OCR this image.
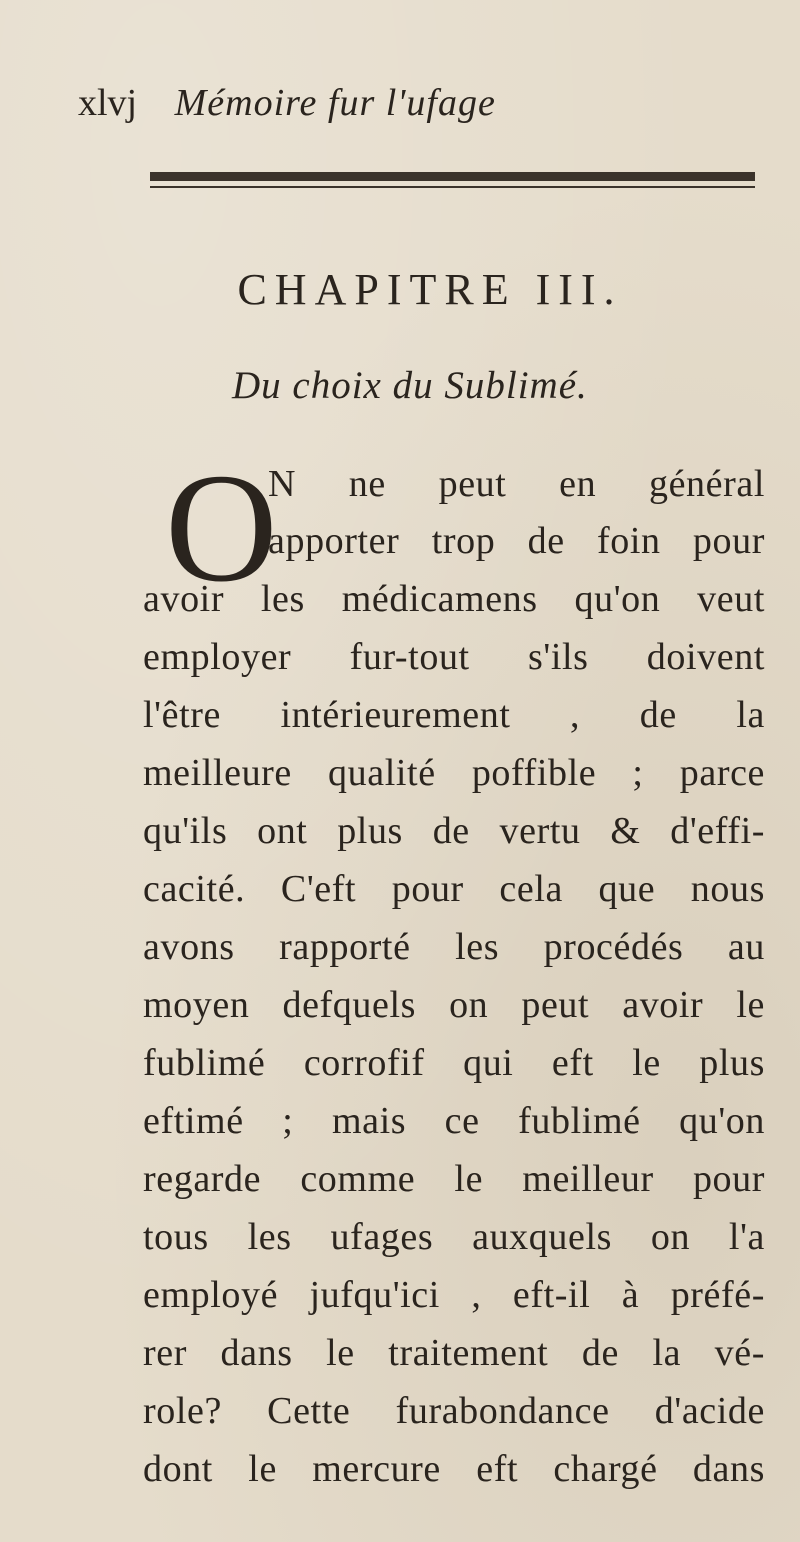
xlvj Mémoire fur l'ufage
CHAPITRE III.
Du choix du Sublimé.
O
N ne peut en général
apporter trop de foin pour
avoir les médicamens qu'on veut
employer fur-tout s'ils doivent
l'être intérieurement , de la
meilleure qualité poffible ; parce
qu'ils ont plus de vertu & d'effi-
cacité. C'eft pour cela que nous
avons rapporté les procédés au
moyen defquels on peut avoir le
fublimé corrofif qui eft le plus
eftimé ; mais ce fublimé qu'on
regarde comme le meilleur pour
tous les ufages auxquels on l'a
employé jufqu'ici , eft-il à préfé-
rer dans le traitement de la vé-
role? Cette furabondance d'acide
dont le mercure eft chargé dans
